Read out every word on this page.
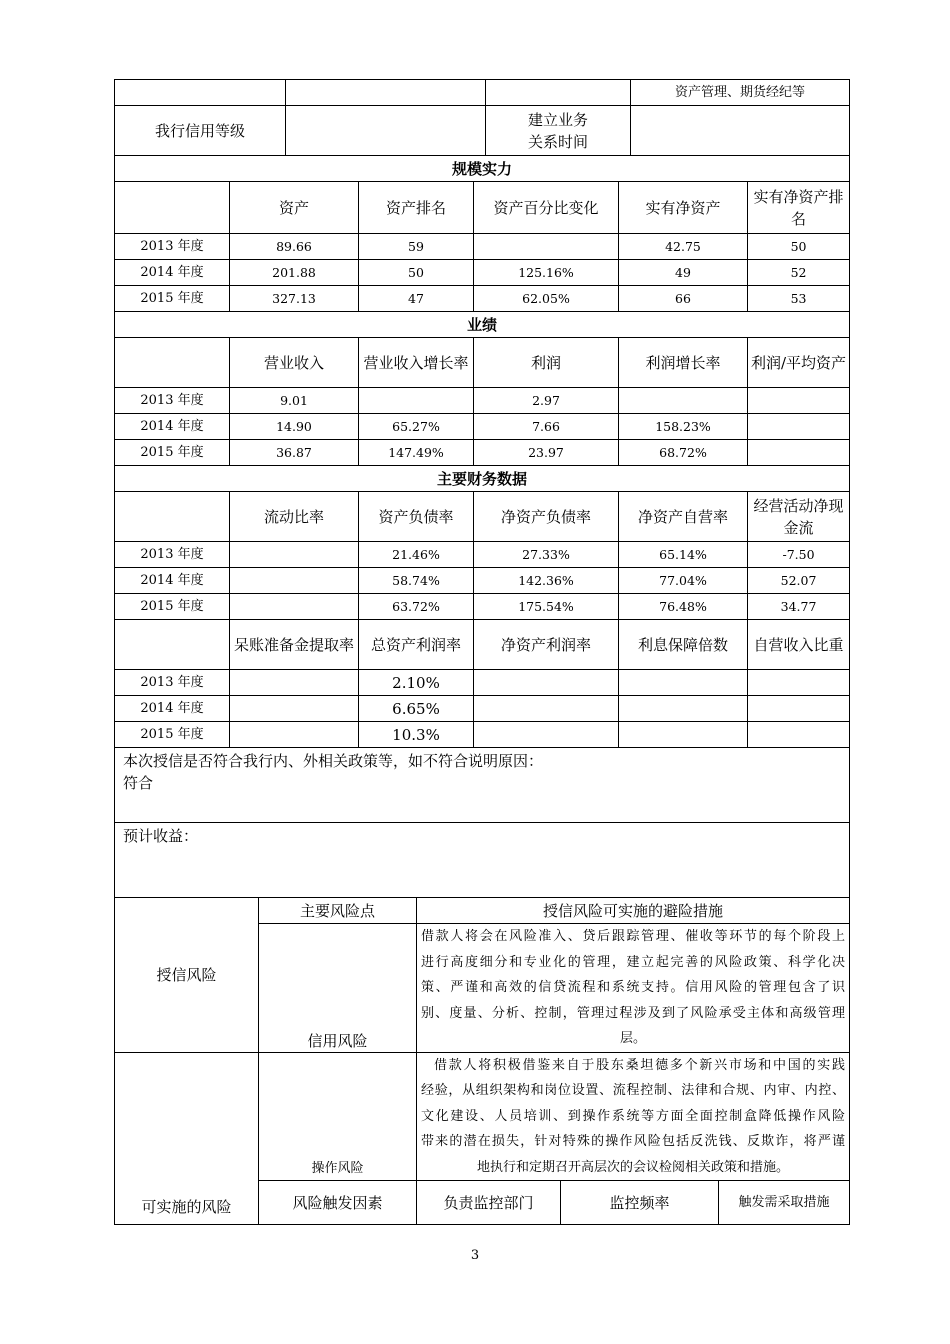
			资产管理、期货经纪等
我行信用等级		建立业务
关系时间	
规模实力					
	资产	资产排名	资产百分比变化	实有净资产	实有净资产排名
2013 年度	89.66	59		42.75	50
2014 年度	201.88	50	125.16%	49	52
2015 年度	327.13	47	62.05%	66	53
业绩					
	营业收入	营业收入增长率	利润	利润增长率	利润/平均资产
2013 年度	9.01		2.97		
2014 年度	14.90	65.27%	7.66	158.23%	
2015 年度	36.87	147.49%	23.97	68.72%	
主要财务数据					
	流动比率	资产负债率	净资产负债率	净资产自营率	经营活动净现金流
2013 年度		21.46%	27.33%	65.14%	-7.50
2014 年度		58.74%	142.36%	77.04%	52.07
2015 年度		63.72%	175.54%	76.48%	34.77
	呆账准备金提取率	总资产利润率	净资产利润率	利息保障倍数	自营收入比重
2013 年度		2.10%			
2014 年度		6.65%			
2015 年度		10.3%			

本次授信是否符合我行内、外相关政策等，如不符合说明原因：
符合					

预计收益：					
授信风险	主要风险点	授信风险可实施的避险措施		
	信用风险	借款人将会在风险准入、贷后跟踪管理、催收等环节的每个阶段上
进行高度细分和专业化的管理，建立起完善的风险政策、科学化决
策、严谨和高效的信贷流程和系统支持。信用风险的管理包含了识
别、度量、分析、控制，管理过程涉及到了风险承受主体和高级管理
层。		

可实施的风险	操作风险	借款人将积极借鉴来自于股东桑坦德多个新兴市场和中国的实践
经验，从组织架构和岗位设置、流程控制、法律和合规、内审、内控、
文化建设、人员培训、到操作系统等方面全面控制盒降低操作风险
带来的潜在损失，针对特殊的操作风险包括反洗钱、反欺诈，将严谨
地执行和定期召开高层次的会议检阅相关政策和措施。		

	风险触发因素	负责监控部门	监控频率	触发需采取措施
3
